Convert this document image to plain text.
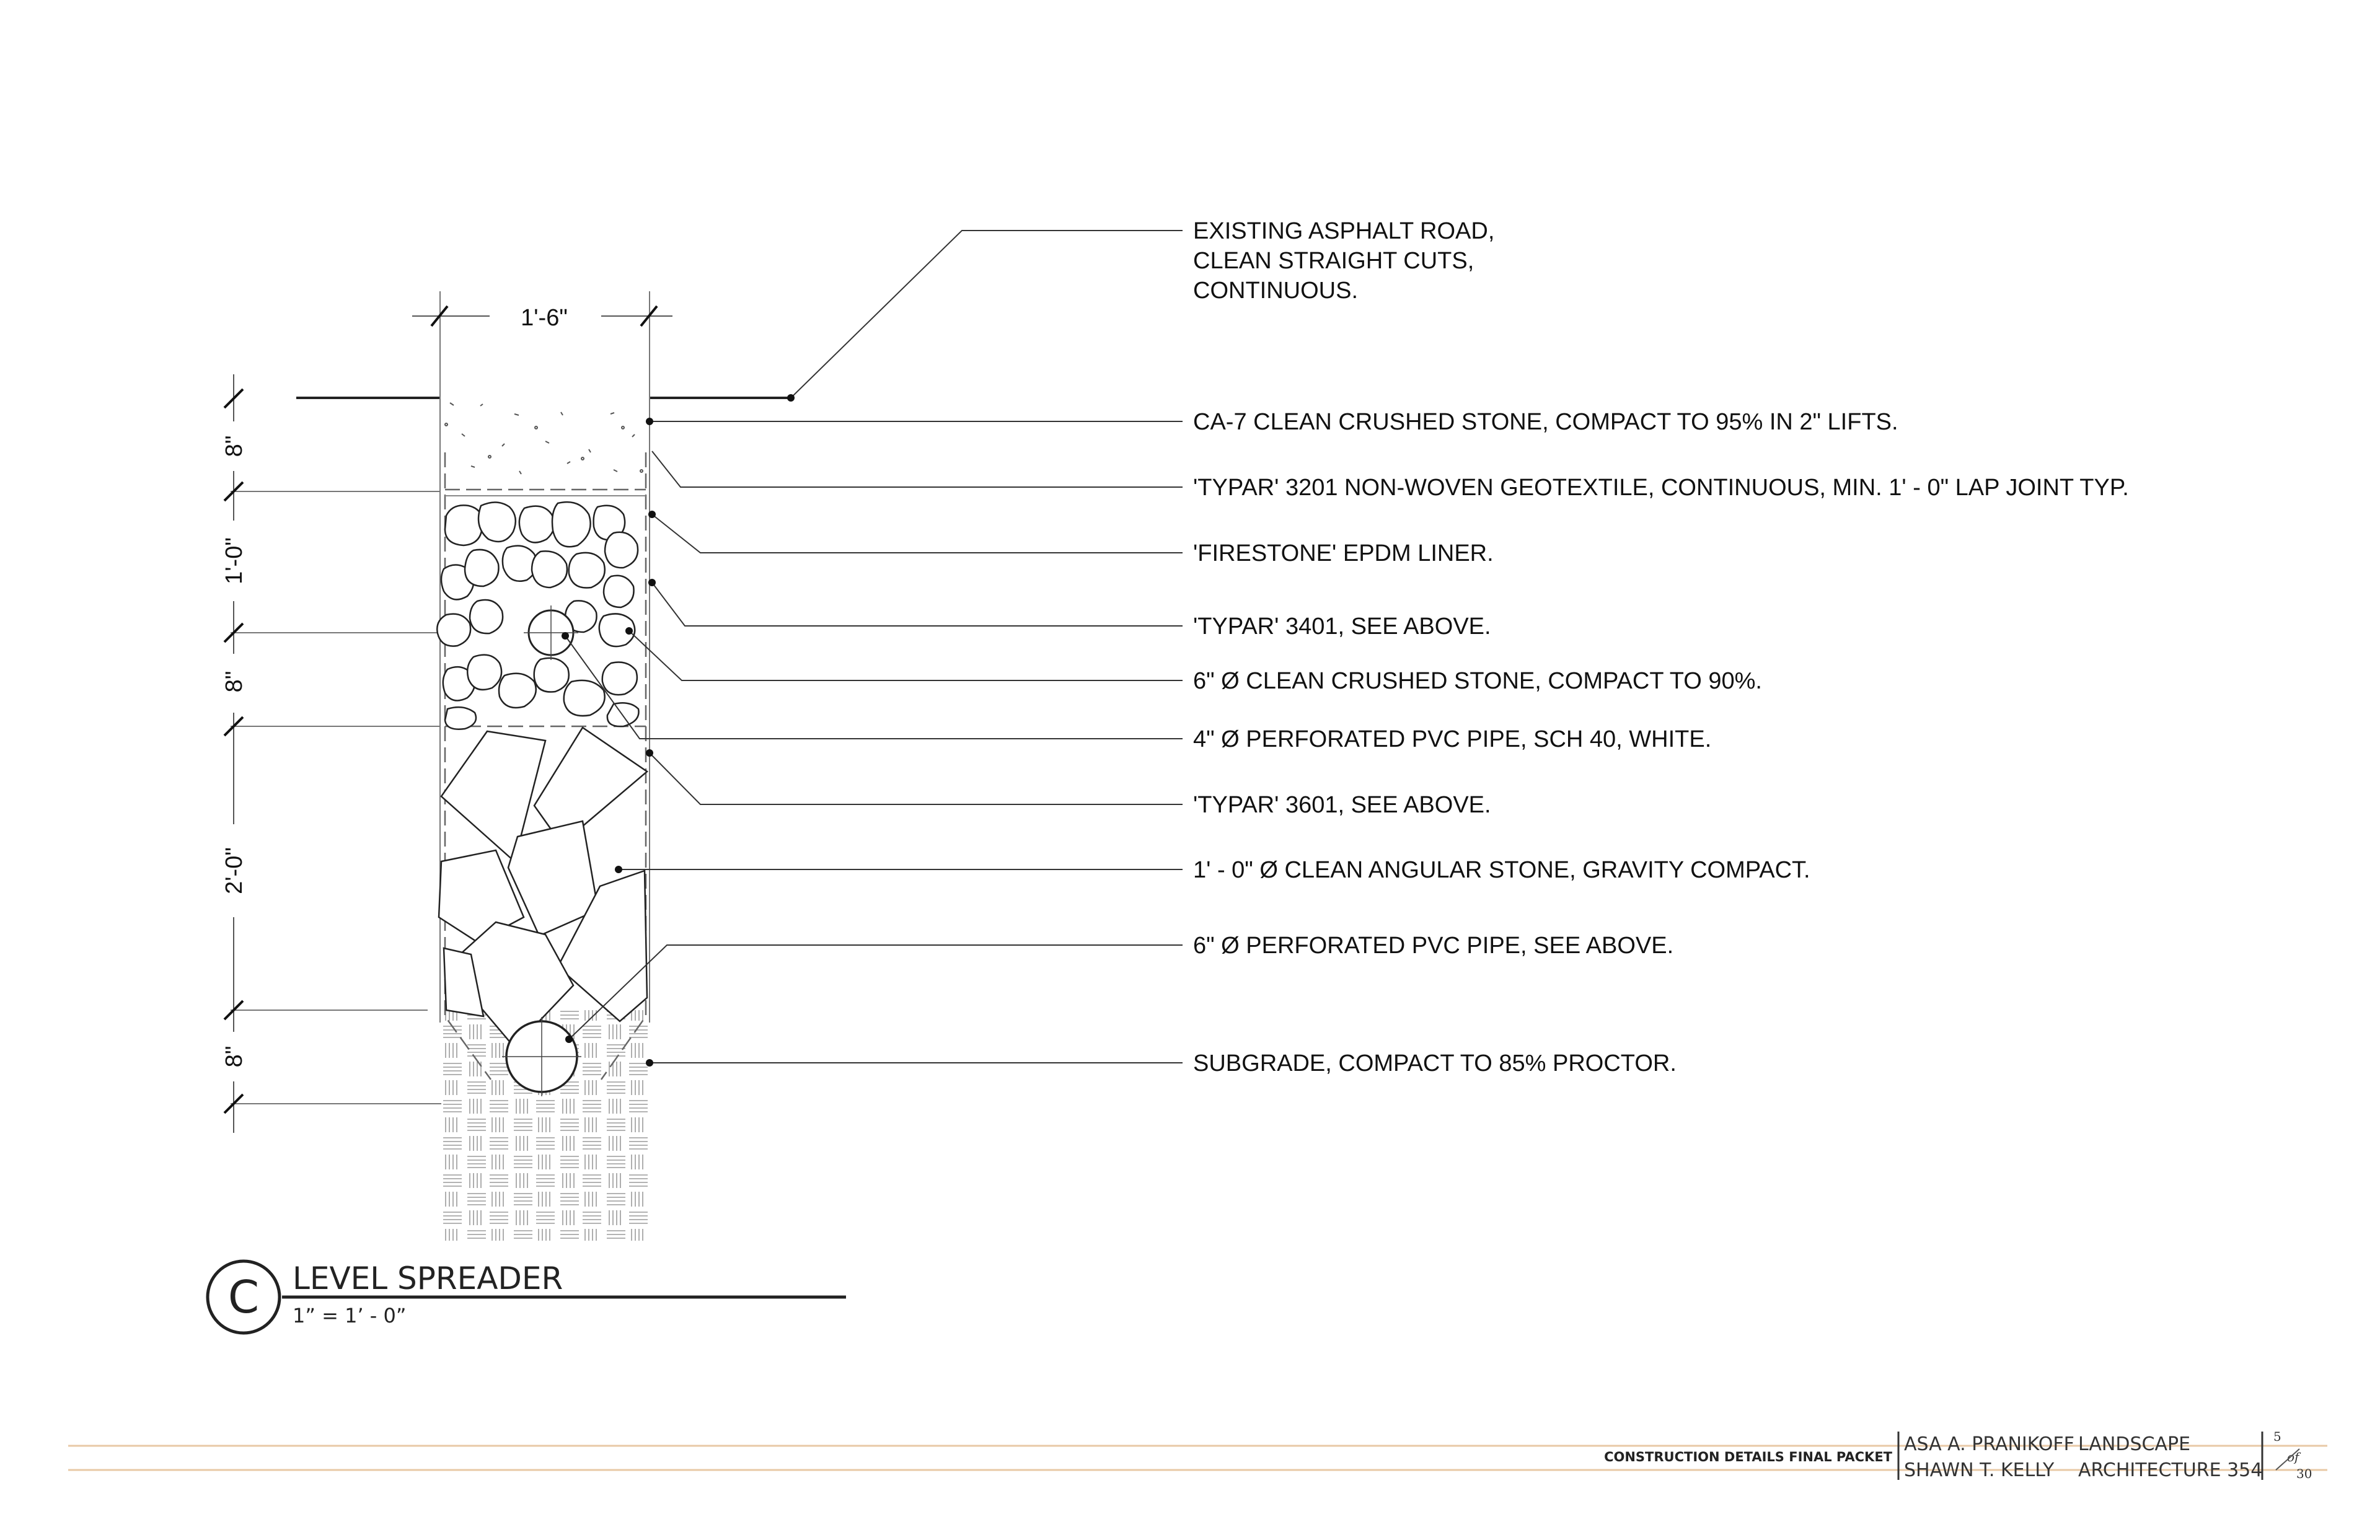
1'-6"
8"
1'-0"
8"
2'-0"
8"
EXISTING ASPHALT ROAD,
CLEAN STRAIGHT CUTS,
CONTINUOUS.
CA-7 CLEAN CRUSHED STONE, COMPACT TO 95% IN 2" LIFTS.
'TYPAR' 3201 NON-WOVEN GEOTEXTILE, CONTINUOUS, MIN. 1' - 0" LAP JOINT TYP.
'FIRESTONE' EPDM LINER.
'TYPAR' 3401, SEE ABOVE.
6" Ø CLEAN CRUSHED STONE, COMPACT TO 90%.
4" Ø PERFORATED PVC PIPE, SCH 40, WHITE.
'TYPAR' 3601, SEE ABOVE.
1' - 0" Ø CLEAN ANGULAR STONE, GRAVITY COMPACT.
6" Ø PERFORATED PVC PIPE, SEE ABOVE.
SUBGRADE, COMPACT TO 85% PROCTOR.
C LEVEL SPREADER
1” = 1’ - 0”
CONSTRUCTION DETAILS FINAL PACKET
ASA A. PRANIKOFF
SHAWN T. KELLY
LANDSCAPE
ARCHITECTURE 354
5
of
30
